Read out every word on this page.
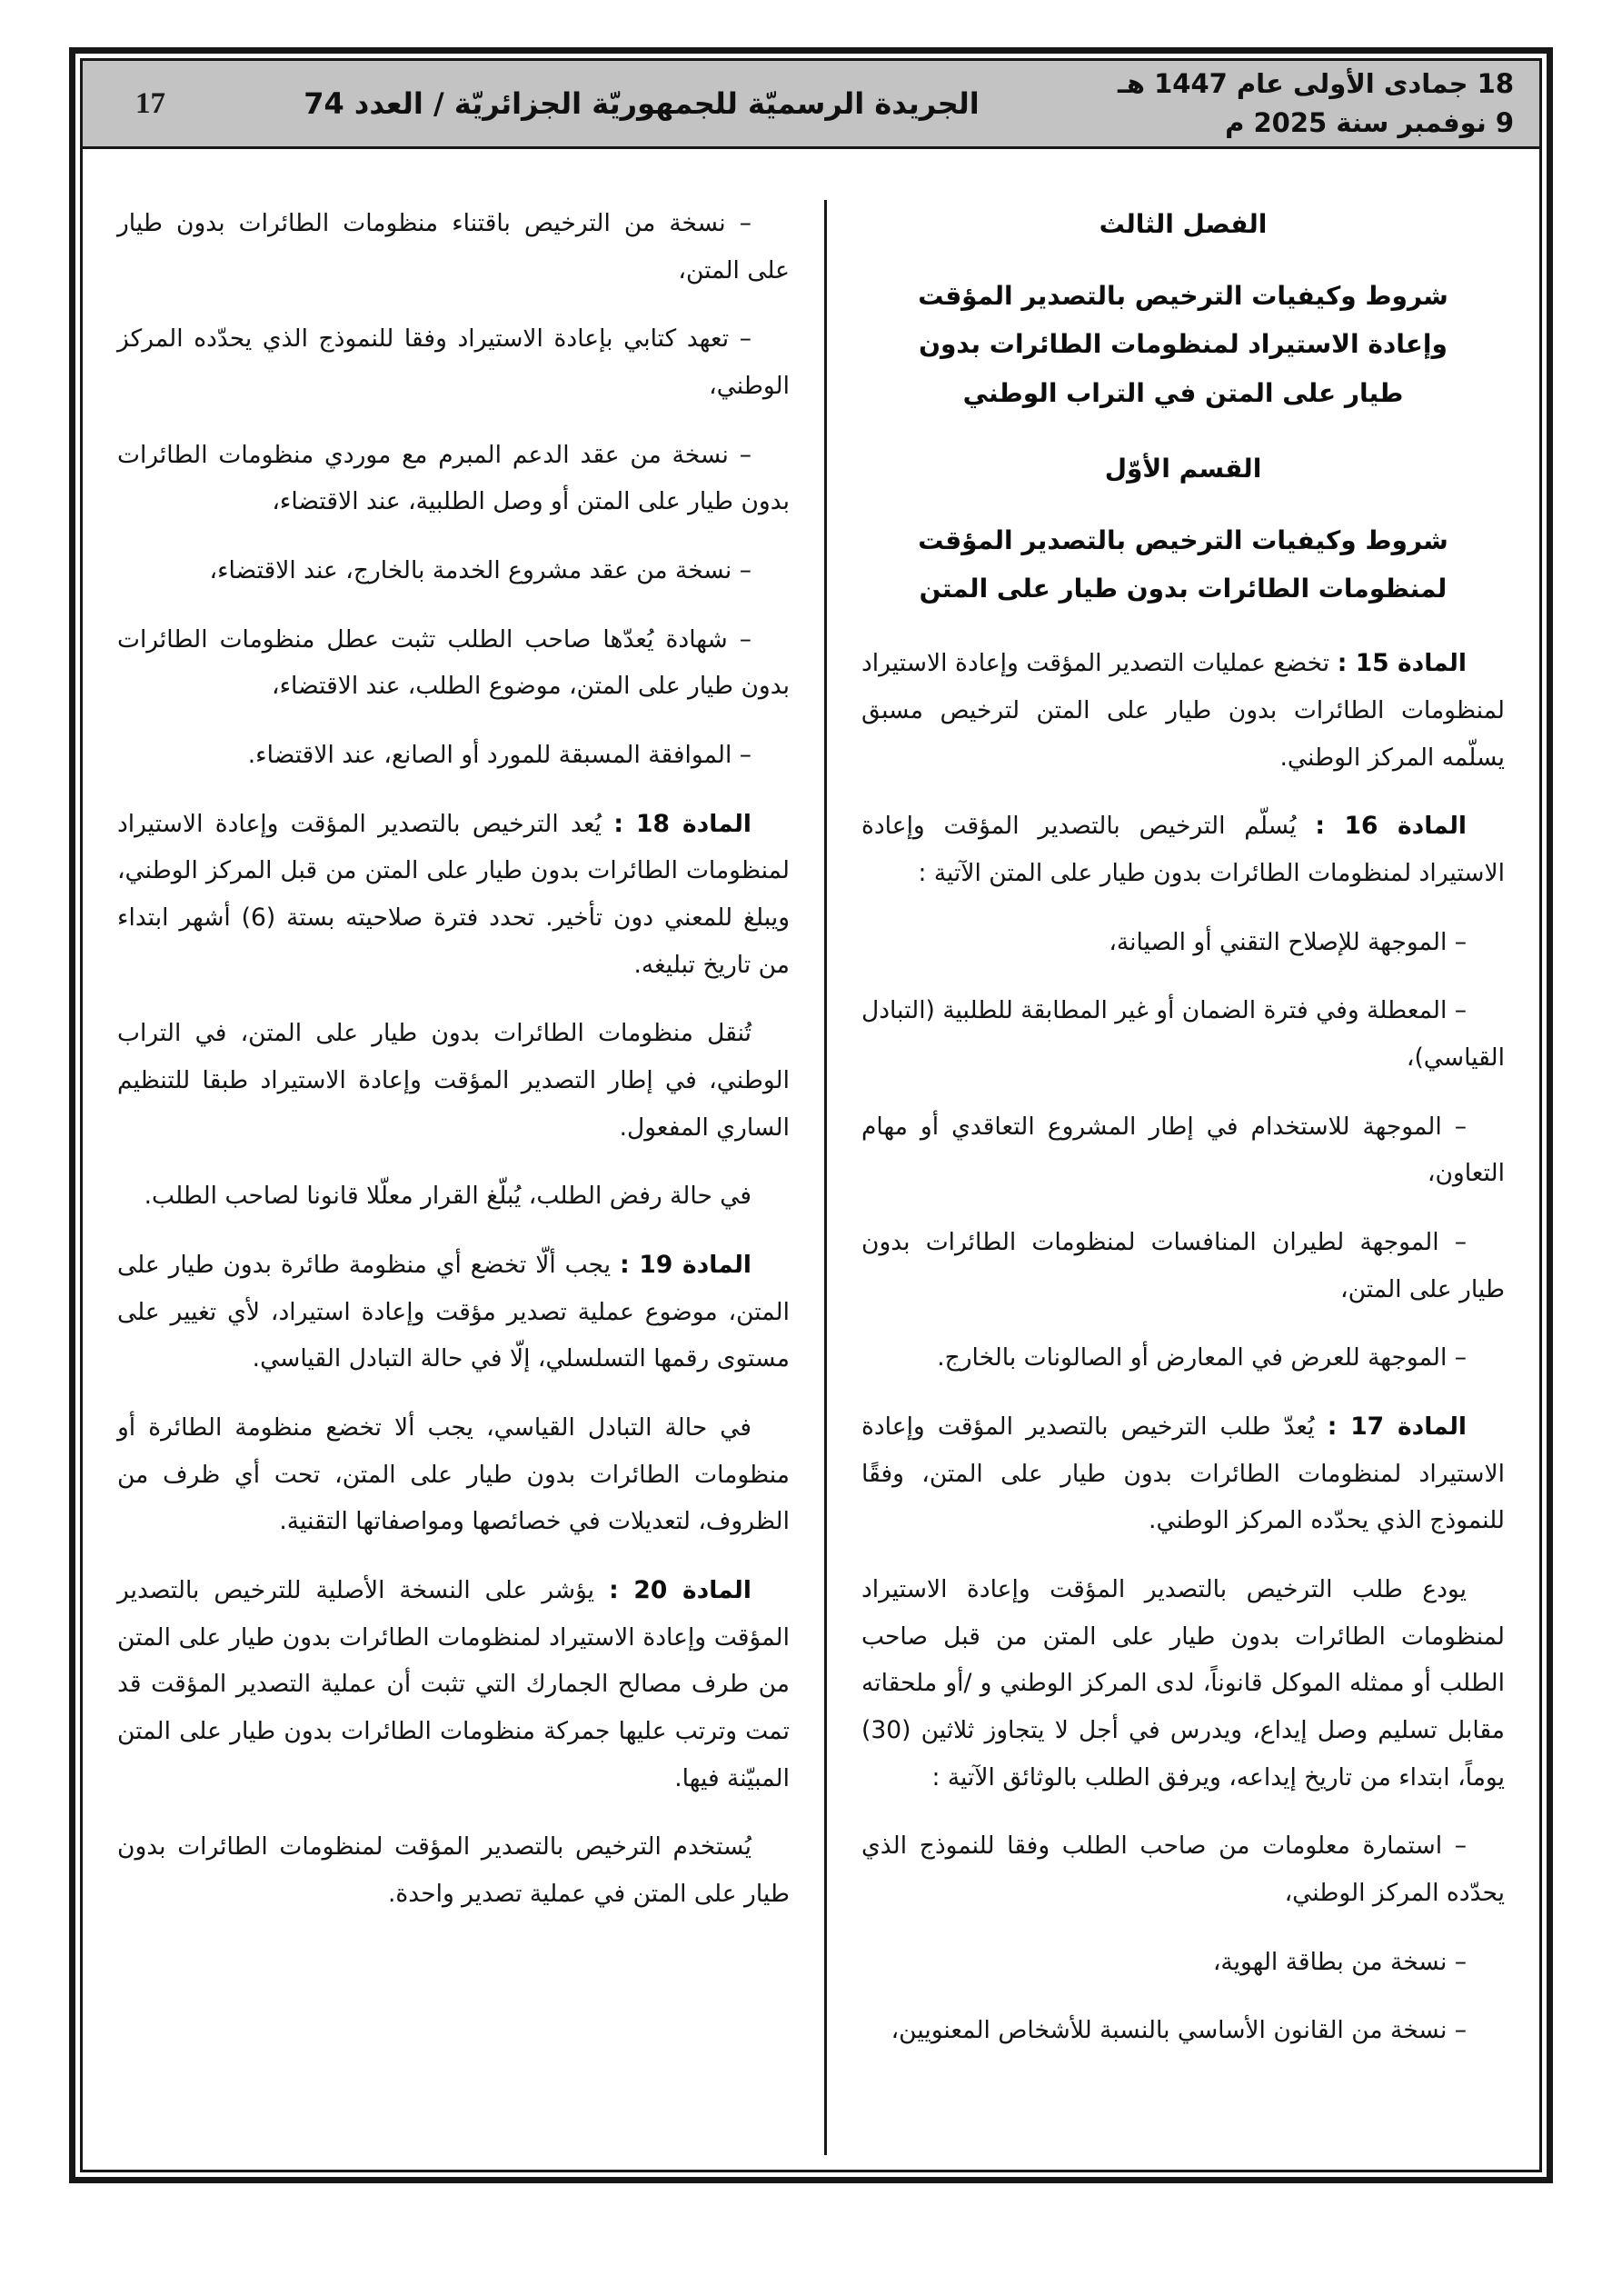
18 جمادى الأولى عام 1447 هـ
9 نوفمبر سنة 2025 م
الجريدة الرسميّة للجمهوريّة الجزائريّة / العدد 74
17

الفصل الثالث

شروط وكيفيات الترخيص بالتصدير المؤقت وإعادة الاستيراد لمنظومات الطائرات بدون طيار على المتن في التراب الوطني

القسم الأوّل

شروط وكيفيات الترخيص بالتصدير المؤقت لمنظومات الطائرات بدون طيار على المتن

المادة 15 : تخضع عمليات التصدير المؤقت وإعادة الاستيراد لمنظومات الطائرات بدون طيار على المتن لترخيص مسبق يسلّمه المركز الوطني.

المادة 16 : يُسلّم الترخيص بالتصدير المؤقت وإعادة الاستيراد لمنظومات الطائرات بدون طيار على المتن الآتية :

– الموجهة للإصلاح التقني أو الصيانة،

– المعطلة وفي فترة الضمان أو غير المطابقة للطلبية (التبادل القياسي)،

– الموجهة للاستخدام في إطار المشروع التعاقدي أو مهام التعاون،

– الموجهة لطيران المنافسات لمنظومات الطائرات بدون طيار على المتن،

– الموجهة للعرض في المعارض أو الصالونات بالخارج.

المادة 17 : يُعدّ طلب الترخيص بالتصدير المؤقت وإعادة الاستيراد لمنظومات الطائرات بدون طيار على المتن، وفقًا للنموذج الذي يحدّده المركز الوطني.

يودع طلب الترخيص بالتصدير المؤقت وإعادة الاستيراد لمنظومات الطائرات بدون طيار على المتن من قبل صاحب الطلب أو ممثله الموكل قانوناً، لدى المركز الوطني و /أو ملحقاته مقابل تسليم وصل إيداع، ويدرس في أجل لا يتجاوز ثلاثين (30) يوماً، ابتداء من تاريخ إيداعه، ويرفق الطلب بالوثائق الآتية :

– استمارة معلومات من صاحب الطلب وفقا للنموذج الذي يحدّده المركز الوطني،

– نسخة من بطاقة الهوية،

– نسخة من القانون الأساسي بالنسبة للأشخاص المعنويين،

– نسخة من الترخيص باقتناء منظومات الطائرات بدون طيار على المتن،

– تعهد كتابي بإعادة الاستيراد وفقا للنموذج الذي يحدّده المركز الوطني،

– نسخة من عقد الدعم المبرم مع موردي منظومات الطائرات بدون طيار على المتن أو وصل الطلبية، عند الاقتضاء،

– نسخة من عقد مشروع الخدمة بالخارج، عند الاقتضاء،

– شهادة يُعدّها صاحب الطلب تثبت عطل منظومات الطائرات بدون طيار على المتن، موضوع الطلب، عند الاقتضاء،

– الموافقة المسبقة للمورد أو الصانع، عند الاقتضاء.

المادة 18 : يُعد الترخيص بالتصدير المؤقت وإعادة الاستيراد لمنظومات الطائرات بدون طيار على المتن من قبل المركز الوطني، ويبلغ للمعني دون تأخير. تحدد فترة صلاحيته بستة (6) أشهر ابتداء من تاريخ تبليغه.

تُنقل منظومات الطائرات بدون طيار على المتن، في التراب الوطني، في إطار التصدير المؤقت وإعادة الاستيراد طبقا للتنظيم الساري المفعول.

في حالة رفض الطلب، يُبلّغ القرار معلّلا قانونا لصاحب الطلب.

المادة 19 : يجب ألّا تخضع أي منظومة طائرة بدون طيار على المتن، موضوع عملية تصدير مؤقت وإعادة استيراد، لأي تغيير على مستوى رقمها التسلسلي، إلّا في حالة التبادل القياسي.

في حالة التبادل القياسي، يجب ألا تخضع منظومة الطائرة أو منظومات الطائرات بدون طيار على المتن، تحت أي ظرف من الظروف، لتعديلات في خصائصها ومواصفاتها التقنية.

المادة 20 : يؤشر على النسخة الأصلية للترخيص بالتصدير المؤقت وإعادة الاستيراد لمنظومات الطائرات بدون طيار على المتن من طرف مصالح الجمارك التي تثبت أن عملية التصدير المؤقت قد تمت وترتب عليها جمركة منظومات الطائرات بدون طيار على المتن المبيّنة فيها.

يُستخدم الترخيص بالتصدير المؤقت لمنظومات الطائرات بدون طيار على المتن في عملية تصدير واحدة.
